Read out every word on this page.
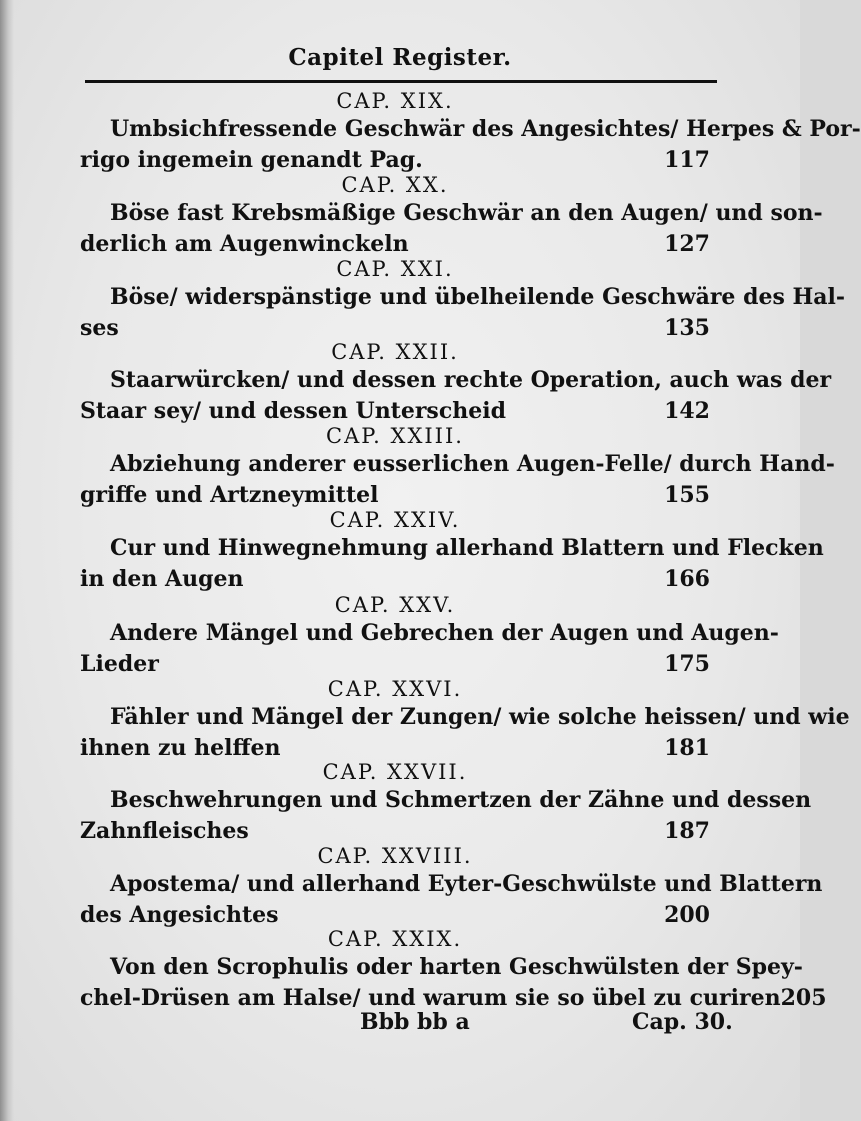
Capitel Register.
CAP. XIX.
Umbsichfressende Geschwär des Angesichtes/ Herpes & Por-
rigo ingemein genandt Pag.	117
CAP. XX.
Böse fast Krebsmäßige Geschwär an den Augen/ und son-
derlich am Augenwinckeln	127
CAP. XXI.
Böse/ widerspänstige und übelheilende Geschwäre des Hal-
ses	135
CAP. XXII.
Staarwürcken/ und dessen rechte Operation, auch was der
Staar sey/ und dessen Unterscheid	142
CAP. XXIII.
Abziehung anderer eusserlichen Augen-Felle/ durch Hand-
griffe und Artzneymittel	155
CAP. XXIV.
Cur und Hinwegnehmung allerhand Blattern und Flecken
in den Augen	166
CAP. XXV.
Andere Mängel und Gebrechen der Augen und Augen-
Lieder	175
CAP. XXVI.
Fähler und Mängel der Zungen/ wie solche heissen/ und wie
ihnen zu helffen	181
CAP. XXVII.
Beschwehrungen und Schmertzen der Zähne und dessen
Zahnfleisches	187
CAP. XXVIII.
Apostema/ und allerhand Eyter-Geschwülste und Blattern
des Angesichtes	200
CAP. XXIX.
Von den Scrophulis oder harten Geschwülsten der Spey-
chel-Drüsen am Halse/ und warum sie so übel zu curiren 205
Bbb bb a	Cap. 30.
